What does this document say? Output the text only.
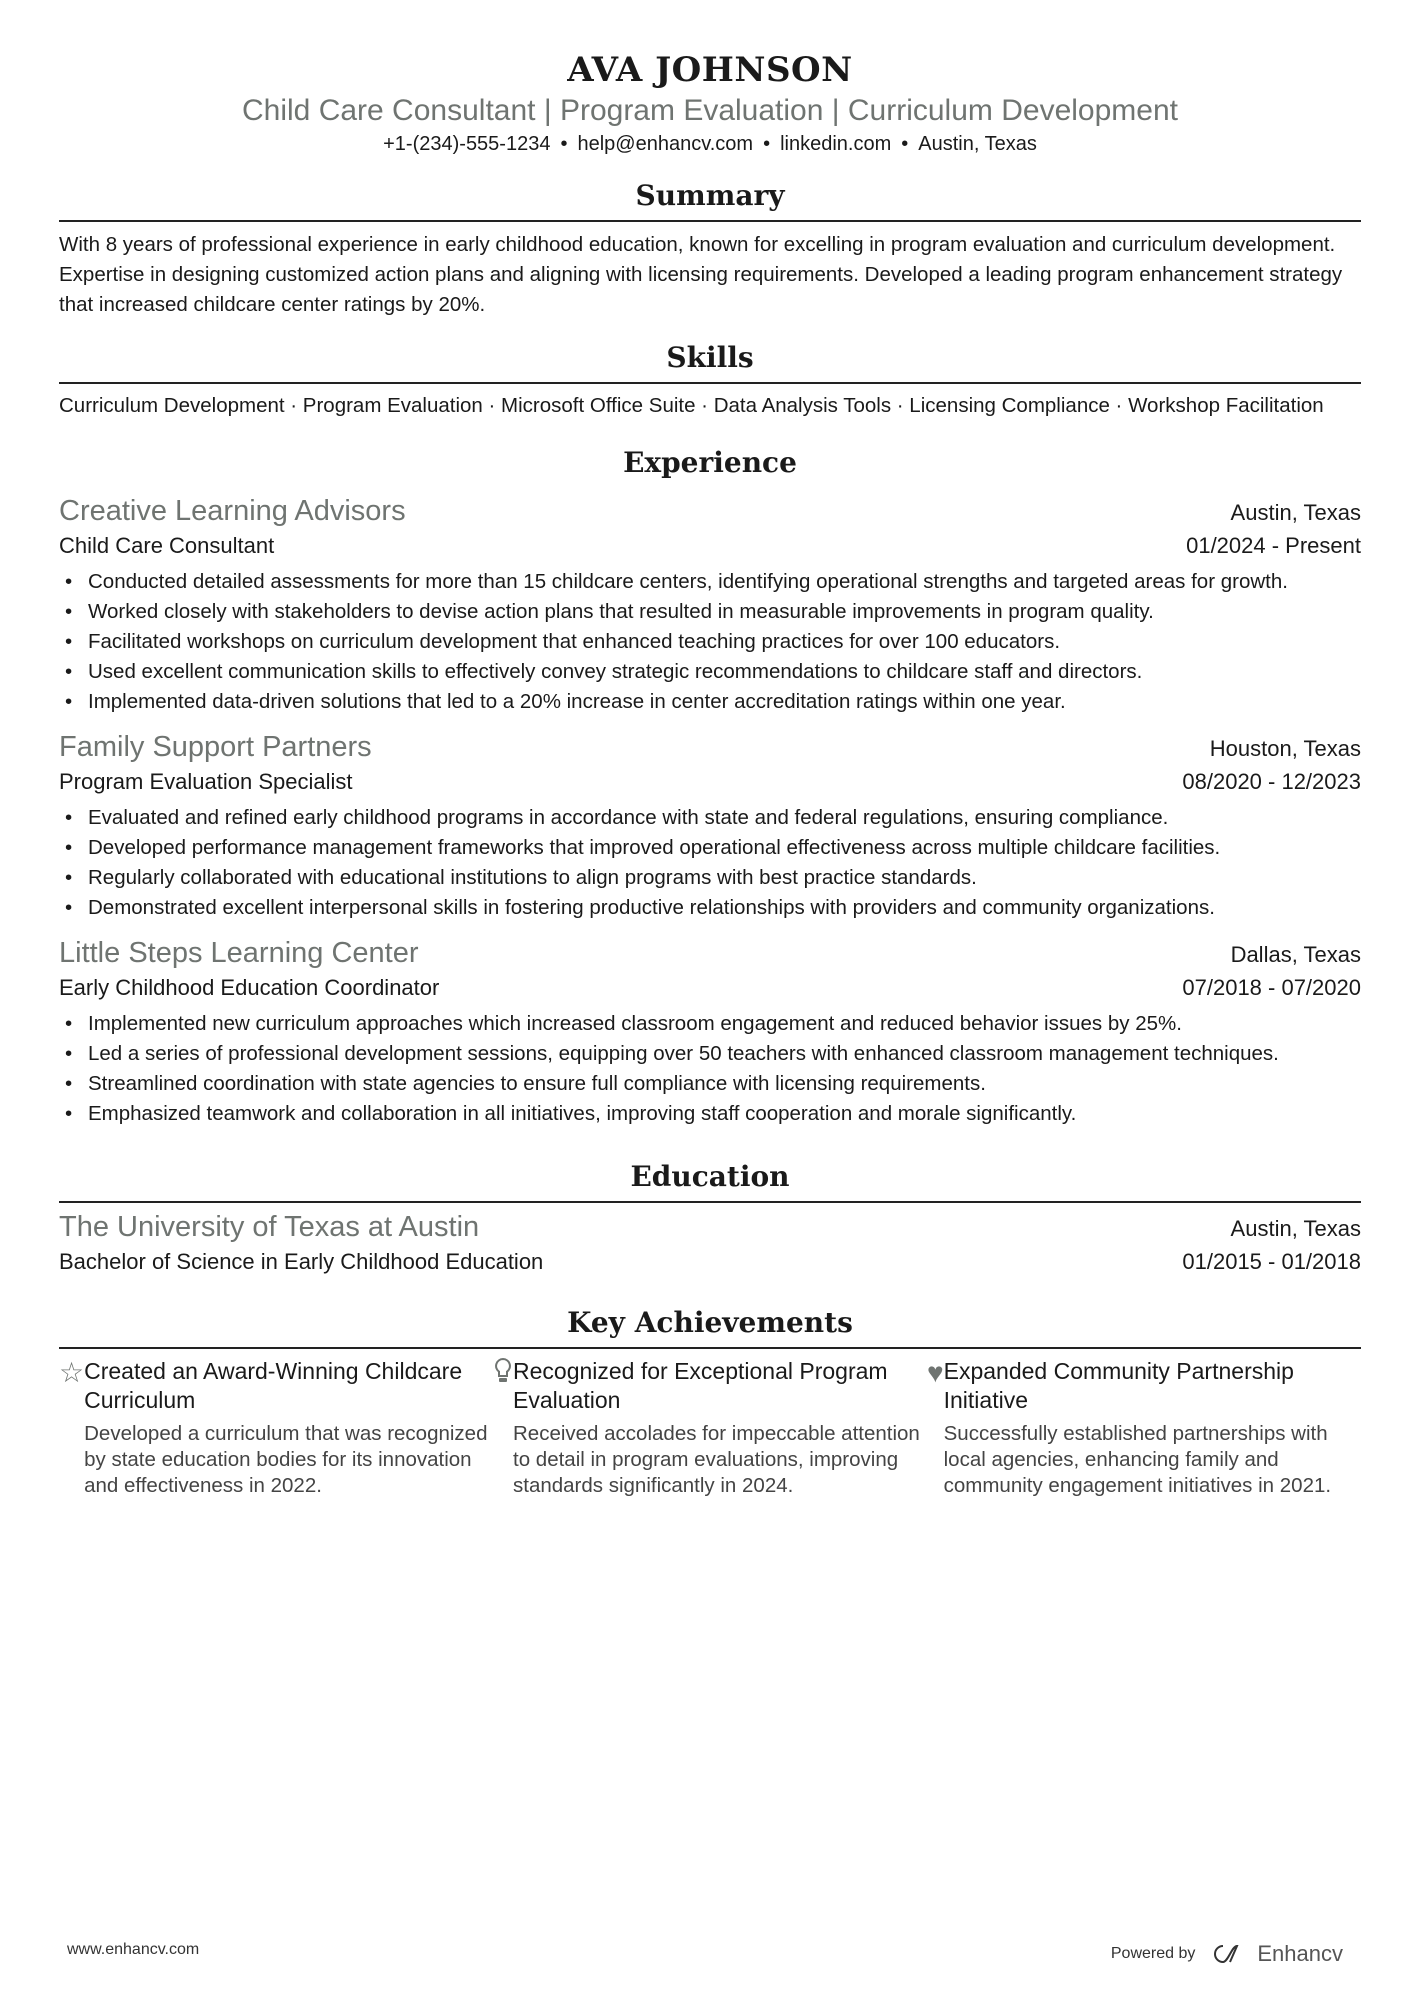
AVA JOHNSON
Child Care Consultant | Program Evaluation | Curriculum Development
+1-(234)-555-1234 • help@enhancv.com • linkedin.com • Austin, Texas
Summary
With 8 years of professional experience in early childhood education, known for excelling in program evaluation and curriculum development. Expertise in designing customized action plans and aligning with licensing requirements. Developed a leading program enhancement strategy that increased childcare center ratings by 20%.
Skills
Curriculum Development · Program Evaluation · Microsoft Office Suite · Data Analysis Tools · Licensing Compliance · Workshop Facilitation
Experience
Creative Learning Advisors	Austin, Texas
Child Care Consultant	01/2024 - Present
• Conducted detailed assessments for more than 15 childcare centers, identifying operational strengths and targeted areas for growth.
• Worked closely with stakeholders to devise action plans that resulted in measurable improvements in program quality.
• Facilitated workshops on curriculum development that enhanced teaching practices for over 100 educators.
• Used excellent communication skills to effectively convey strategic recommendations to childcare staff and directors.
• Implemented data-driven solutions that led to a 20% increase in center accreditation ratings within one year.
Family Support Partners	Houston, Texas
Program Evaluation Specialist	08/2020 - 12/2023
• Evaluated and refined early childhood programs in accordance with state and federal regulations, ensuring compliance.
• Developed performance management frameworks that improved operational effectiveness across multiple childcare facilities.
• Regularly collaborated with educational institutions to align programs with best practice standards.
• Demonstrated excellent interpersonal skills in fostering productive relationships with providers and community organizations.
Little Steps Learning Center	Dallas, Texas
Early Childhood Education Coordinator	07/2018 - 07/2020
• Implemented new curriculum approaches which increased classroom engagement and reduced behavior issues by 25%.
• Led a series of professional development sessions, equipping over 50 teachers with enhanced classroom management techniques.
• Streamlined coordination with state agencies to ensure full compliance with licensing requirements.
• Emphasized teamwork and collaboration in all initiatives, improving staff cooperation and morale significantly.
Education
The University of Texas at Austin	Austin, Texas
Bachelor of Science in Early Childhood Education	01/2015 - 01/2018
Key Achievements
☆ Created an Award-Winning Childcare Curriculum
Developed a curriculum that was recognized by state education bodies for its innovation and effectiveness in 2022.
Recognized for Exceptional Program Evaluation
Received accolades for impeccable attention to detail in program evaluations, improving standards significantly in 2024.
♥ Expanded Community Partnership Initiative
Successfully established partnerships with local agencies, enhancing family and community engagement initiatives in 2021.
www.enhancv.com	Powered by	Enhancv
